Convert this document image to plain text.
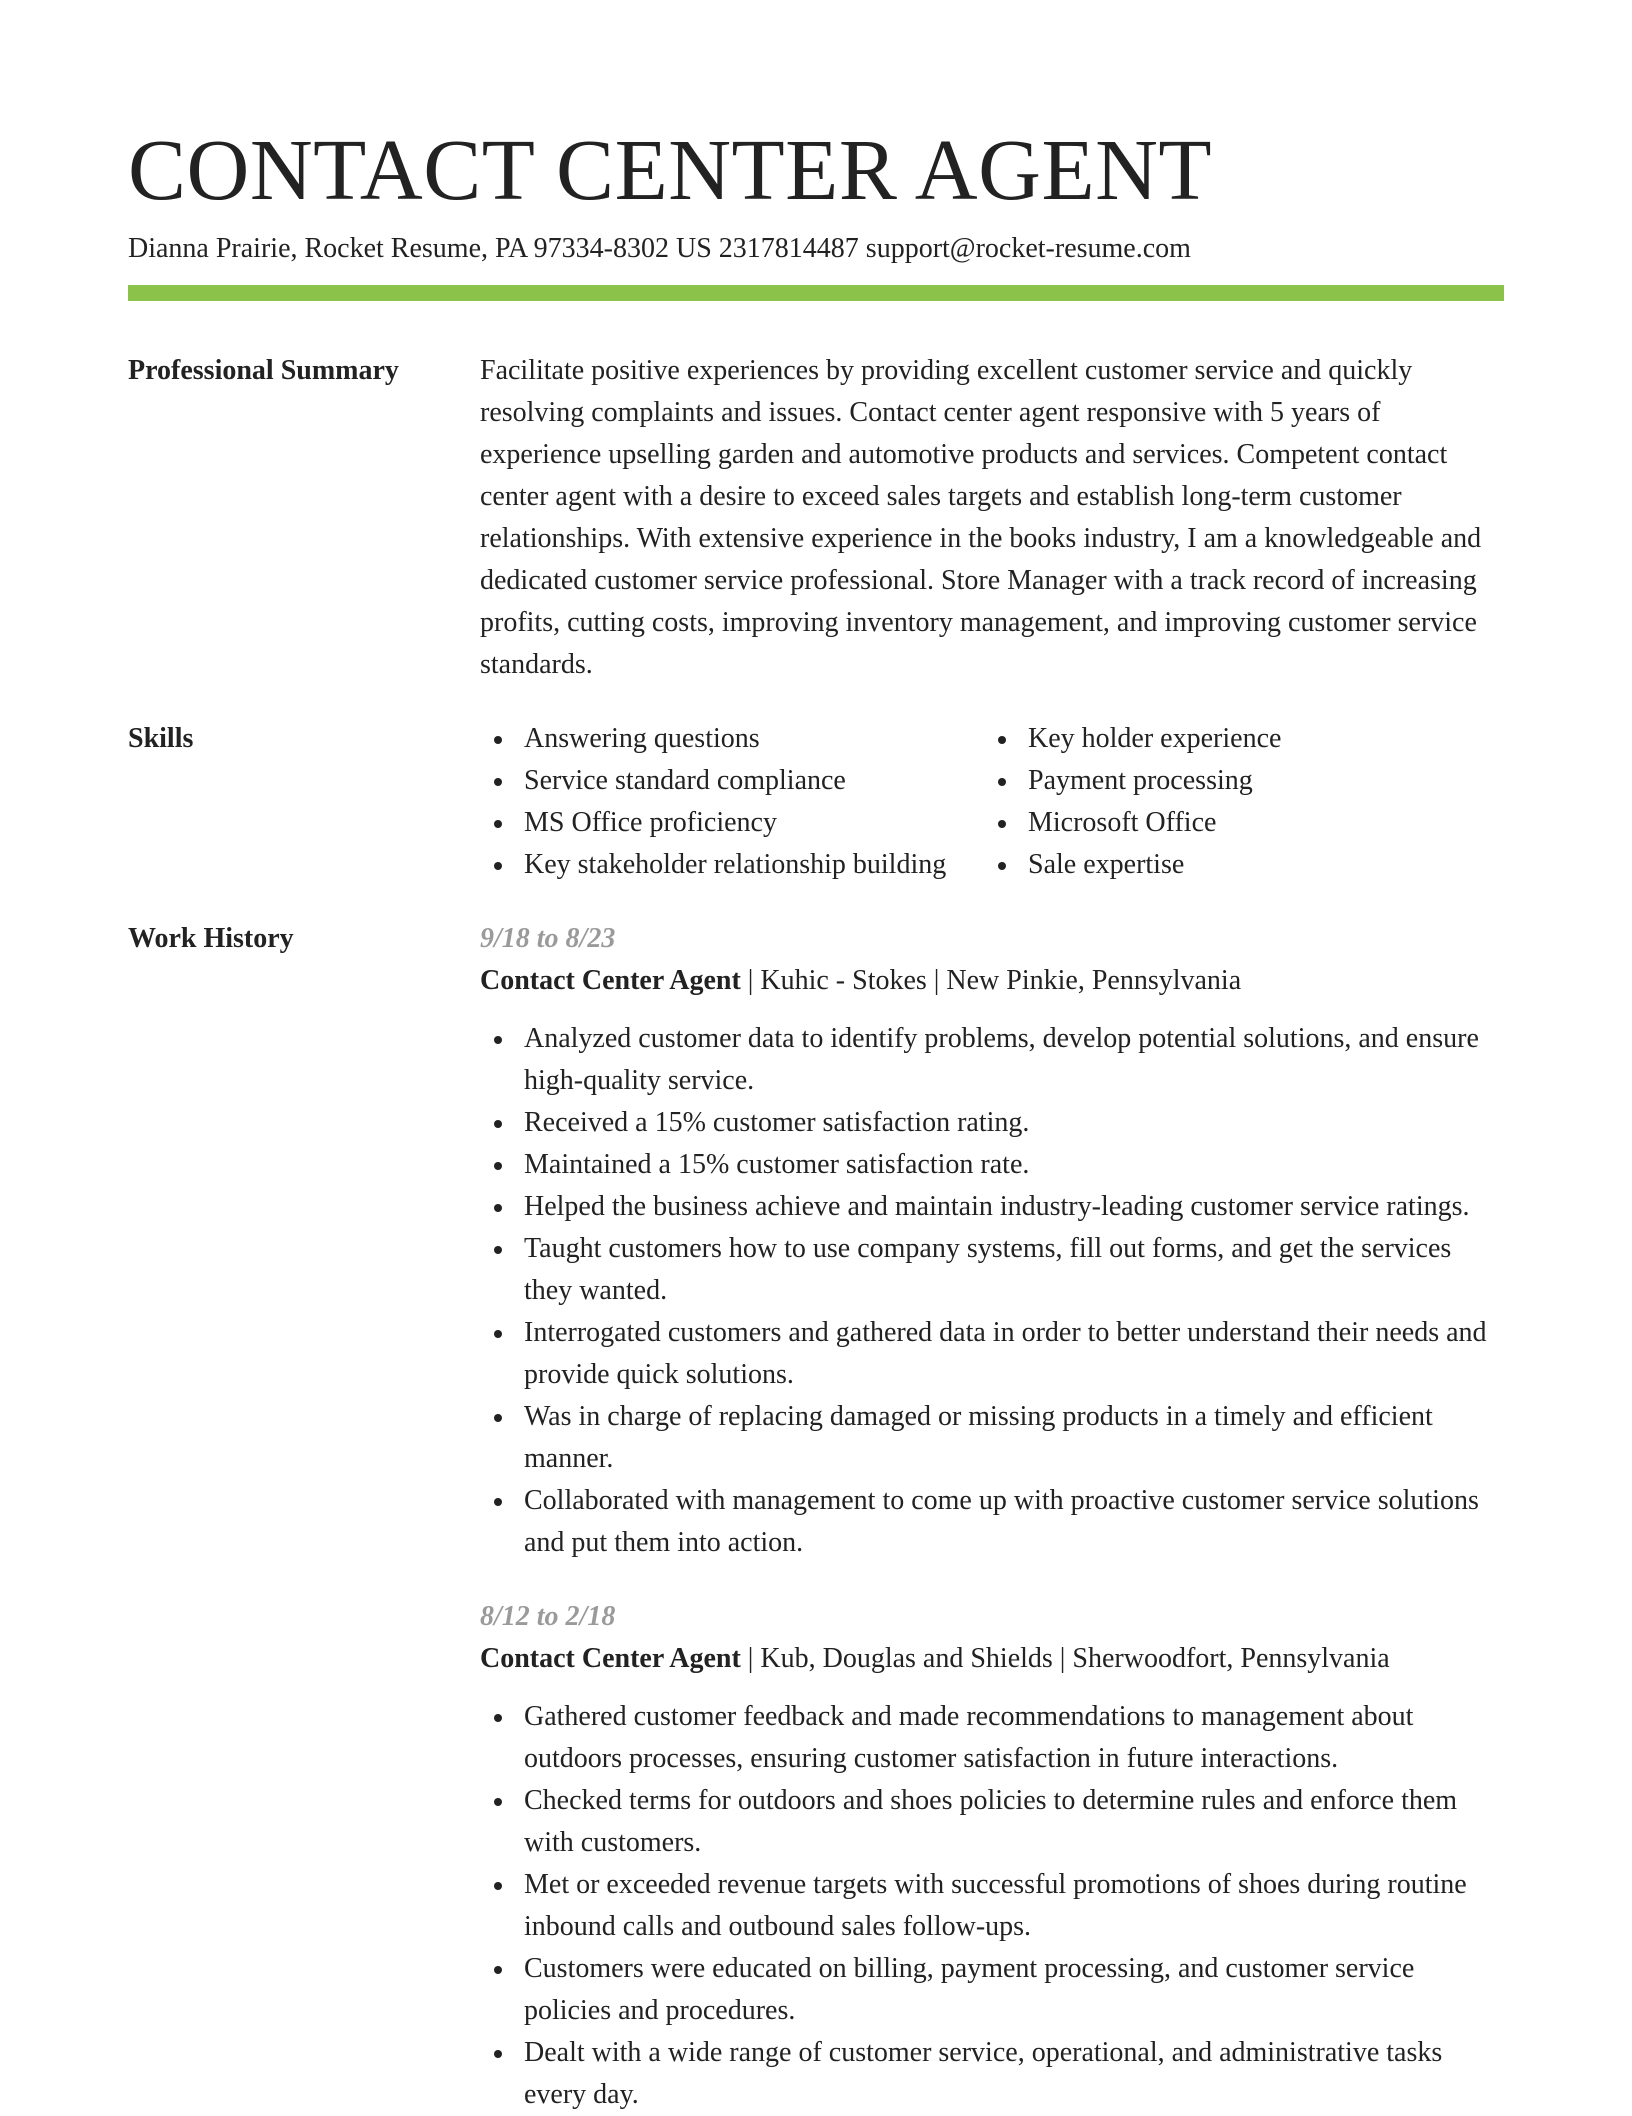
CONTACT CENTER AGENT
Dianna Prairie, Rocket Resume, PA 97334-8302 US 2317814487 support@rocket-resume.com
Professional Summary	Facilitate positive experiences by providing excellent customer service and quickly resolving complaints and issues. Contact center agent responsive with 5 years of experience upselling garden and automotive products and services. Competent contact center agent with a desire to exceed sales targets and establish long-term customer relationships. With extensive experience in the books industry, I am a knowledgeable and dedicated customer service professional. Store Manager with a track record of increasing profits, cutting costs, improving inventory management, and improving customer service standards.

Skills	Answering questions
Service standard compliance
MS Office proficiency
Key stakeholder relationship building
Key holder experience
Payment processing
Microsoft Office
Sale expertise
Work History	9/18 to 8/23
Contact Center Agent | Kuhic - Stokes | New Pinkie, Pennsylvania
Analyzed customer data to identify problems, develop potential solutions, and ensure high-quality service.
Received a 15% customer satisfaction rating.
Maintained a 15% customer satisfaction rate.
Helped the business achieve and maintain industry-leading customer service ratings.
Taught customers how to use company systems, fill out forms, and get the services they wanted.
Interrogated customers and gathered data in order to better understand their needs and provide quick solutions.
Was in charge of replacing damaged or missing products in a timely and efficient manner.
Collaborated with management to come up with proactive customer service solutions and put them into action.
8/12 to 2/18
Contact Center Agent | Kub, Douglas and Shields | Sherwoodfort, Pennsylvania
Gathered customer feedback and made recommendations to management about outdoors processes, ensuring customer satisfaction in future interactions.
Checked terms for outdoors and shoes policies to determine rules and enforce them with customers.
Met or exceeded revenue targets with successful promotions of shoes during routine inbound calls and outbound sales follow-ups.
Customers were educated on billing, payment processing, and customer service policies and procedures.
Dealt with a wide range of customer service, operational, and administrative tasks every day.
